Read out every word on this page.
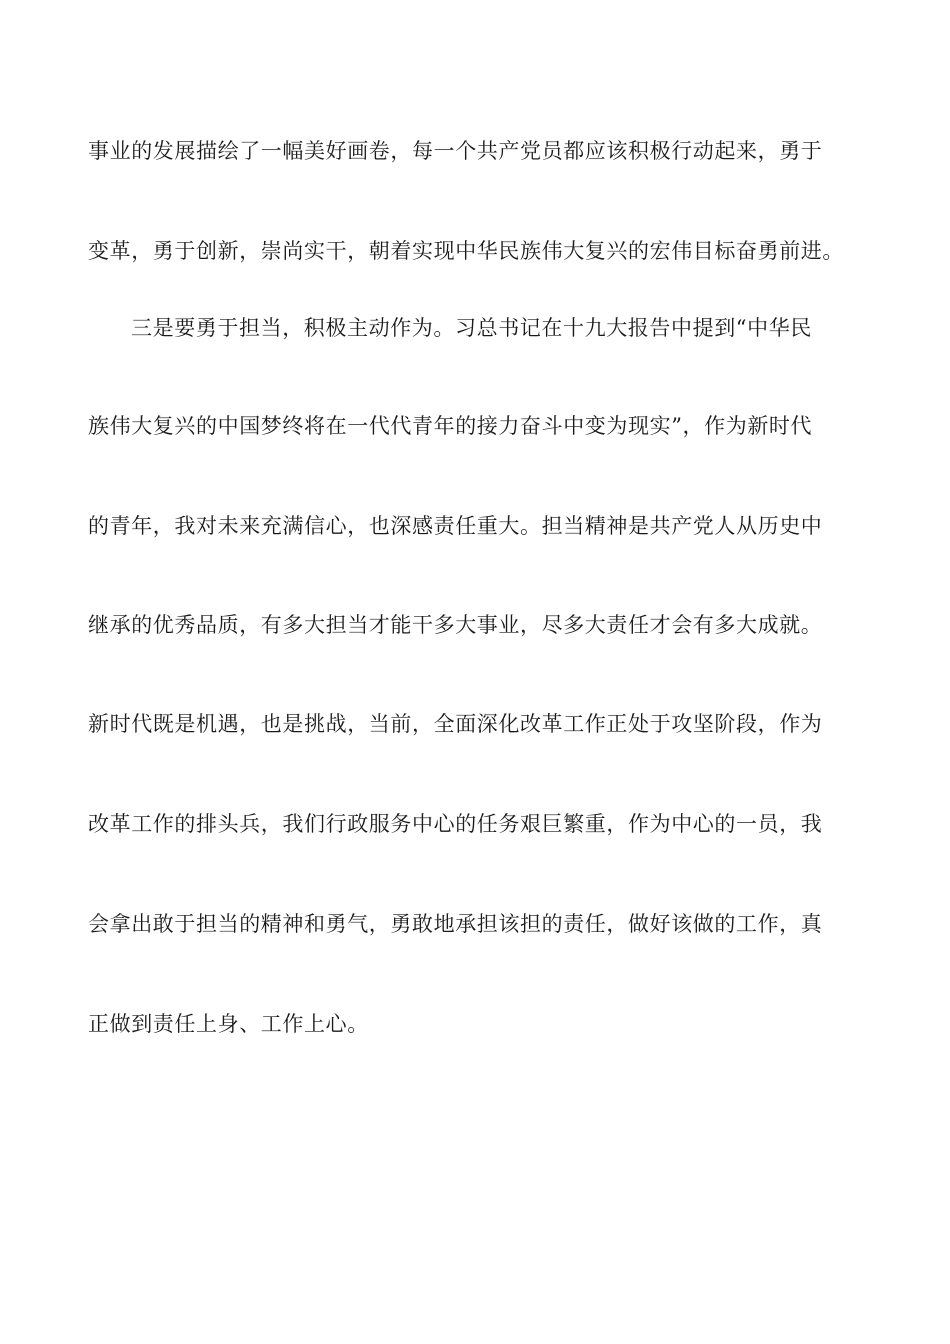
事业的发展描绘了一幅美好画卷，每一个共产党员都应该积极行动起来，勇于
变革，勇于创新，崇尚实干，朝着实现中华民族伟大复兴的宏伟目标奋勇前进。
三是要勇于担当，积极主动作为。习总书记在十九大报告中提到“中华民
族伟大复兴的中国梦终将在一代代青年的接力奋斗中变为现实”，作为新时代
的青年，我对未来充满信心，也深感责任重大。担当精神是共产党人从历史中
继承的优秀品质，有多大担当才能干多大事业，尽多大责任才会有多大成就。
新时代既是机遇，也是挑战，当前，全面深化改革工作正处于攻坚阶段，作为
改革工作的排头兵，我们行政服务中心的任务艰巨繁重，作为中心的一员，我
会拿出敢于担当的精神和勇气，勇敢地承担该担的责任，做好该做的工作，真
正做到责任上身、工作上心。
